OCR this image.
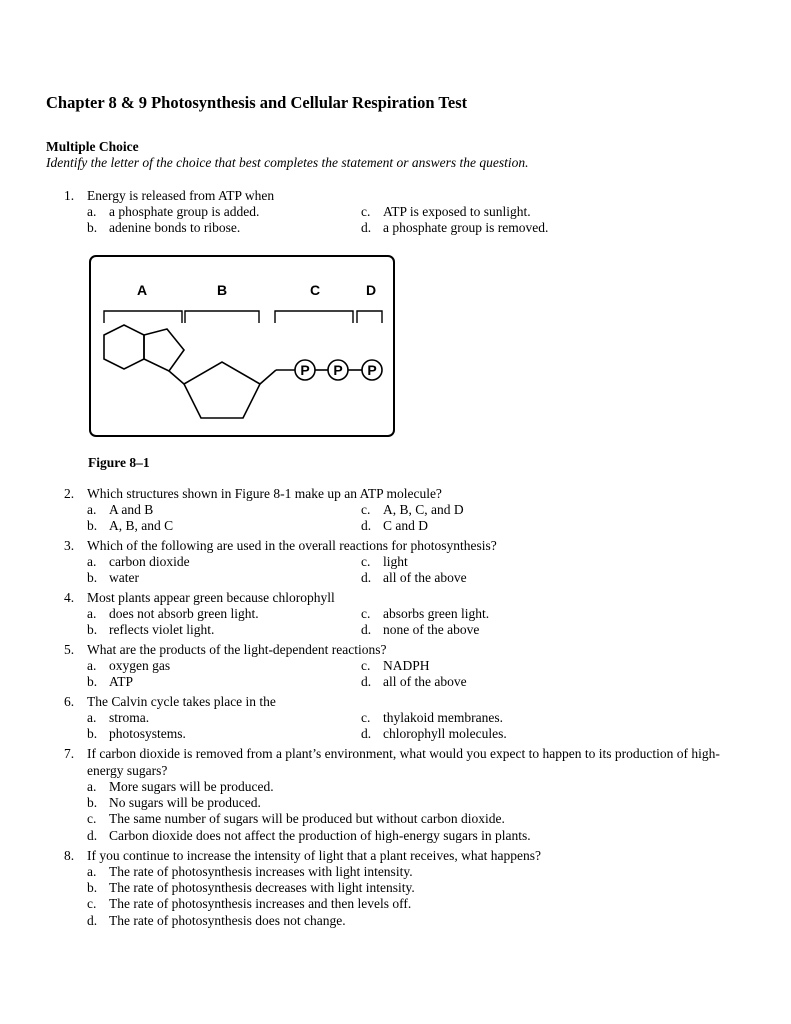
Chapter 8 & 9 Photosynthesis and Cellular Respiration Test
Multiple Choice
Identify the letter of the choice that best completes the statement or answers the question.
1. Energy is released from ATP when
a. a phosphate group is added.
b. adenine bonds to ribose.
c. ATP is exposed to sunlight.
d. a phosphate group is removed.
A	B	C	D
P P P
Figure 8–1
2. Which structures shown in Figure 8-1 make up an ATP molecule?
a. A and B
b. A, B, and C
c. A, B, C, and D
d. C and D
3. Which of the following are used in the overall reactions for photosynthesis?
a. carbon dioxide
b. water
c. light
d. all of the above
4. Most plants appear green because chlorophyll
a. does not absorb green light.
b. reflects violet light.
c. absorbs green light.
d. none of the above
5. What are the products of the light-dependent reactions?
a. oxygen gas
b. ATP
c. NADPH
d. all of the above
6. The Calvin cycle takes place in the
a. stroma.
b. photosystems.
c. thylakoid membranes.
d. chlorophyll molecules.
7. If carbon dioxide is removed from a plant’s environment, what would you expect to happen to its production of high-energy sugars?
a. More sugars will be produced.
b. No sugars will be produced.
c. The same number of sugars will be produced but without carbon dioxide.
d. Carbon dioxide does not affect the production of high-energy sugars in plants.
8. If you continue to increase the intensity of light that a plant receives, what happens?
a. The rate of photosynthesis increases with light intensity.
b. The rate of photosynthesis decreases with light intensity.
c. The rate of photosynthesis increases and then levels off.
d. The rate of photosynthesis does not change.
